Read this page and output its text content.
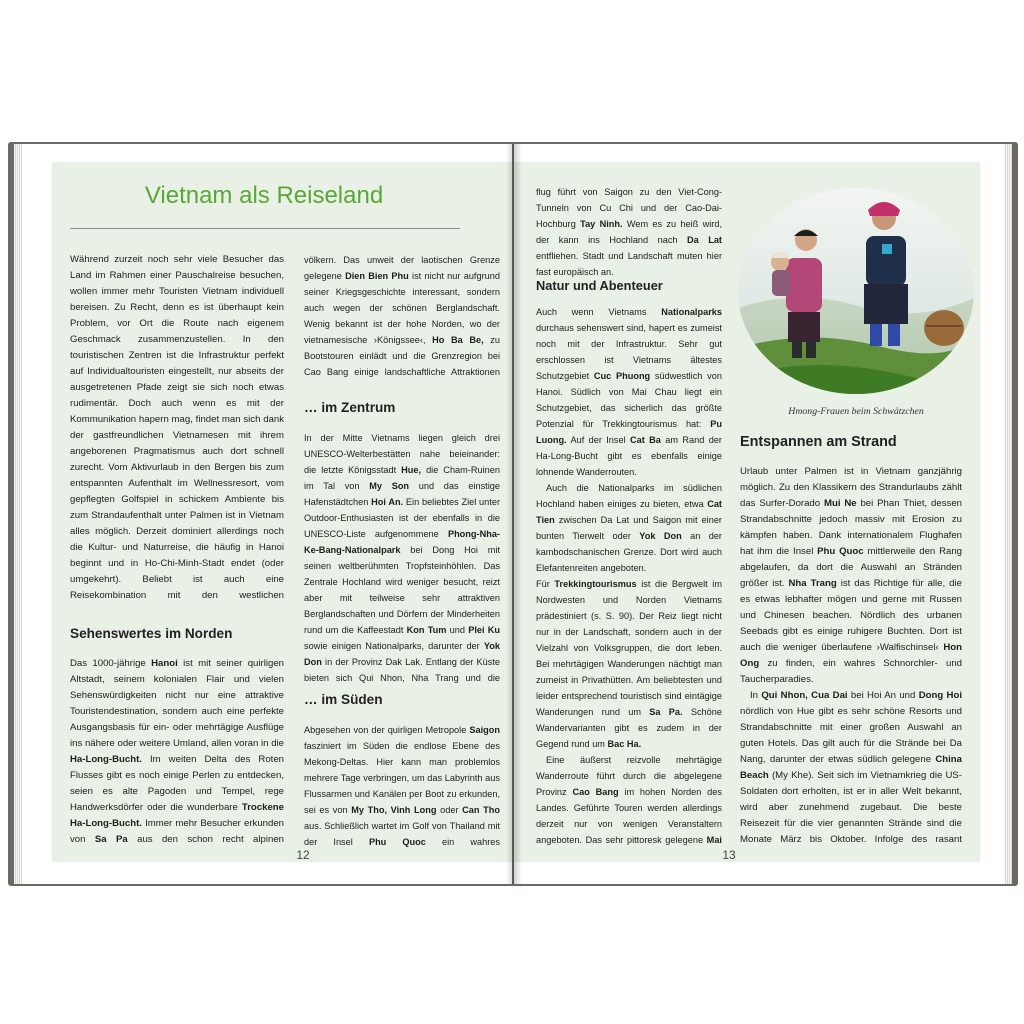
Vietnam als Reiseland

Während zurzeit noch sehr viele Besucher das Land im Rahmen einer Pauschalreise besuchen, wollen immer mehr Touristen Vietnam individuell bereisen. Zu Recht, denn es ist überhaupt kein Problem, vor Ort die Route nach eigenem Geschmack zusammenzustellen. In den touristischen Zentren ist die Infrastruktur perfekt auf Individualtouristen eingestellt, nur abseits der ausgetretenen Pfade zeigt sie sich noch etwas rudimentär. Doch auch wenn es mit der Kommunikation hapern mag, findet man sich dank der gastfreundlichen Vietnamesen mit ihrem angeborenen Pragmatismus auch dort schnell zurecht. Vom Aktivurlaub in den Bergen bis zum entspannten Aufenthalt im Wellnessresort, vom gepflegten Golfspiel in schickem Ambiente bis zum Strandaufenthalt unter Palmen ist in Vietnam alles möglich. Derzeit dominiert allerdings noch die Kultur- und Naturreise, die häufig in Hanoi beginnt und in Ho-Chi-Minh-Stadt endet (oder umgekehrt). Beliebt ist auch eine Reisekombination mit den westlichen

Sehenswertes im Norden

Das 1000-jährige Hanoi ist mit seiner quirligen Altstadt, seinem kolonialen Flair und vielen Sehenswürdigkeiten nicht nur eine attraktive Touristendestination, sondern auch eine perfekte Ausgangsbasis für ein- oder mehrtägige Ausflüge ins nähere oder weitere Umland, allen voran in die Ha-Long-Bucht. Im weiten Delta des Roten Flusses gibt es noch einige Perlen zu entdecken, seien es alte Pagoden und Tempel, rege Handwerksdörfer oder die wunderbare Trockene Ha-Long-Bucht. Immer mehr Besucher erkunden von Sa Pa aus den schon recht alpinen

völkern. Das unweit der laotischen Grenze gelegene Dien Bien Phu ist nicht nur aufgrund seiner Kriegsgeschichte interessant, sondern auch wegen der schönen Berglandschaft. Wenig bekannt ist der hohe Norden, wo der vietnamesische ›Königssee‹, Ho Ba Be, zu Bootstouren einlädt und die Grenzregion bei Cao Bang einige landschaftliche Attraktionen

… im Zentrum

In der Mitte Vietnams liegen gleich drei UNESCO-Welterbestätten nahe beieinander: die letzte Königsstadt Hue, die Cham-Ruinen im Tal von My Son und das einstige Hafenstädtchen Hoi An. Ein beliebtes Ziel unter Outdoor-Enthusiasten ist der ebenfalls in die UNESCO-Liste aufgenommene Phong-Nha-Ke-Bang-Nationalpark bei Dong Hoi mit seinen weltberühmten Tropfsteinhöhlen. Das Zentrale Hochland wird weniger besucht, reizt aber mit teilweise sehr attraktiven Berglandschaften und Dörfern der Minderheiten rund um die Kaffeestadt Kon Tum und Plei Ku sowie einigen Nationalparks, darunter der Yok Don in der Provinz Dak Lak. Entlang der Küste bieten sich Qui Nhon, Nha Trang und die

… im Süden

Abgesehen von der quirligen Metropole Saigon fasziniert im Süden die endlose Ebene des Mekong-Deltas. Hier kann man problemlos mehrere Tage verbringen, um das Labyrinth aus Flussarmen und Kanälen per Boot zu erkunden, sei es von My Tho, Vinh Long oder Can Tho aus. Schließlich wartet im Golf von Thailand mit der Insel Phu Quoc ein wahres

12

flug führt von Saigon zu den Viet-Cong-Tunneln von Cu Chi und der Cao-Dai-Hochburg Tay Ninh. Wem es zu heiß wird, der kann ins Hochland nach Da Lat entfliehen. Stadt und Landschaft muten hier fast europäisch an.

Natur und Abenteuer

Auch wenn Vietnams Nationalparks durchaus sehenswert sind, hapert es zumeist noch mit der Infrastruktur. Sehr gut erschlossen ist Vietnams ältestes Schutzgebiet Cuc Phuong südwestlich von Hanoi. Südlich von Mai Chau liegt ein Schutzgebiet, das sicherlich das größte Potenzial für Trekkingtourismus hat: Pu Luong. Auf der Insel Cat Ba am Rand der Ha-Long-Bucht gibt es ebenfalls einige lohnende Wanderrouten.

Auch die Nationalparks im südlichen Hochland haben einiges zu bieten, etwa Cat Tien zwischen Da Lat und Saigon mit einer bunten Tierwelt oder Yok Don an der kambodschanischen Grenze. Dort wird auch Elefantenreiten angeboten.

Für Trekkingtourismus ist die Bergwelt im Nordwesten und Norden Vietnams prädestiniert (s. S. 90). Der Reiz liegt nicht nur in der Landschaft, sondern auch in der Vielzahl von Volksgruppen, die dort leben. Bei mehrtägigen Wanderungen nächtigt man zumeist in Privathütten. Am beliebtesten und leider entsprechend touristisch sind eintägige Wanderungen rund um Sa Pa. Schöne Wandervarianten gibt es zudem in der Gegend rund um Bac Ha.

Eine äußerst reizvolle mehrtägige Wanderroute führt durch die abgelegene Provinz Cao Bang im hohen Norden des Landes. Geführte Touren werden allerdings derzeit nur von wenigen Veranstaltern angeboten. Das sehr pittoresk gelegene Mai

Hmong-Frauen beim Schwätzchen
Entspannen am Strand

Urlaub unter Palmen ist in Vietnam ganzjährig möglich. Zu den Klassikern des Strandurlaubs zählt das Surfer-Dorado Mui Ne bei Phan Thiet, dessen Strandabschnitte jedoch massiv mit Erosion zu kämpfen haben. Dank internationalem Flughafen hat ihm die Insel Phu Quoc mittlerweile den Rang abgelaufen, da dort die Auswahl an Stränden größer ist. Nha Trang ist das Richtige für alle, die es etwas lebhafter mögen und gerne mit Russen und Chinesen beachen. Nördlich des urbanen Seebads gibt es einige ruhigere Buchten. Dort ist auch die weniger überlaufene ›Walfischinsel‹ Hon Ong zu finden, ein wahres Schnorchler- und Taucherparadies.

In Qui Nhon, Cua Dai bei Hoi An und Dong Hoi nördlich von Hue gibt es sehr schöne Resorts und Strandabschnitte mit einer großen Auswahl an guten Hotels. Das gilt auch für die Strände bei Da Nang, darunter der etwas südlich gelegene China Beach (My Khe). Seit sich im Vietnamkrieg die US-Soldaten dort erholten, ist er in aller Welt bekannt, wird aber zunehmend zugebaut. Die beste Reisezeit für die vier genannten Strände sind die Monate März bis Oktober. Infolge des rasant

13
